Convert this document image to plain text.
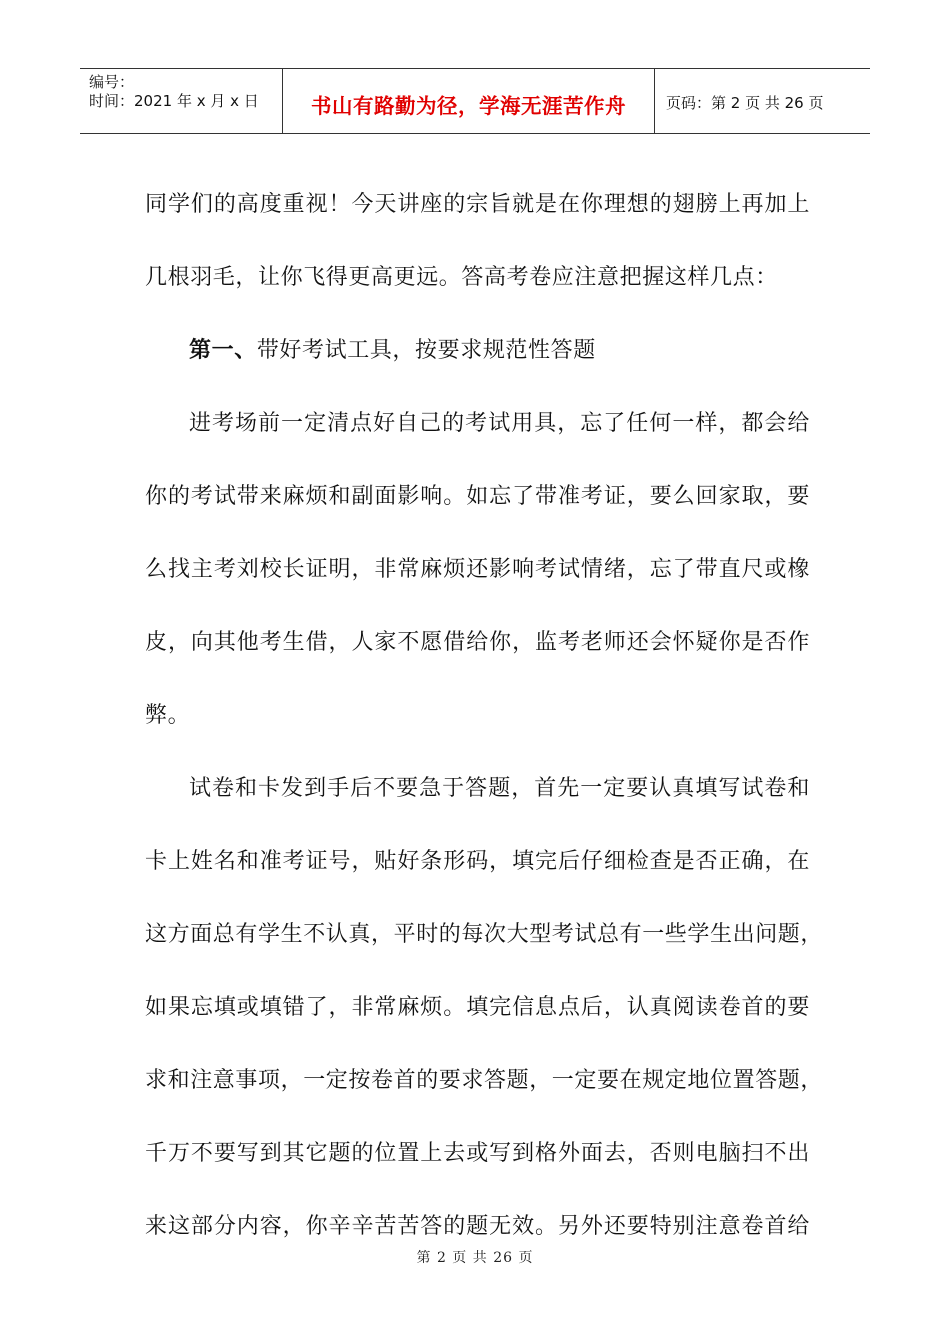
编号：
时间：2021 年 x 月 x 日	书山有路勤为径，学海无涯苦作舟	页码：第 2 页 共 26 页
同学们的高度重视！今天讲座的宗旨就是在你理想的翅膀上再加上
几根羽毛，让你飞得更高更远。答高考卷应注意把握这样几点：
第一、带好考试工具，按要求规范性答题
进考场前一定清点好自己的考试用具，忘了任何一样，都会给
你的考试带来麻烦和副面影响。如忘了带准考证，要么回家取，要
么找主考刘校长证明，非常麻烦还影响考试情绪，忘了带直尺或橡
皮，向其他考生借，人家不愿借给你，监考老师还会怀疑你是否作
弊。
试卷和卡发到手后不要急于答题，首先一定要认真填写试卷和
卡上姓名和准考证号，贴好条形码，填完后仔细检查是否正确，在
这方面总有学生不认真，平时的每次大型考试总有一些学生出问题，
如果忘填或填错了，非常麻烦。填完信息点后，认真阅读卷首的要
求和注意事项，一定按卷首的要求答题，一定要在规定地位置答题，
千万不要写到其它题的位置上去或写到格外面去，否则电脑扫不出
来这部分内容，你辛辛苦苦答的题无效。另外还要特别注意卷首给
第 2 页 共 26 页
